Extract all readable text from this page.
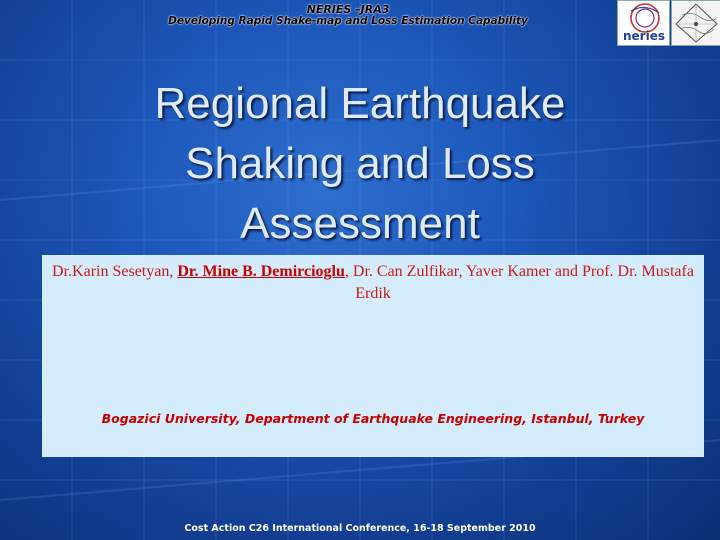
NERIES –JRA3
Developing Rapid Shake-map and Loss Estimation Capability
neries
Regional Earthquake
Shaking and Loss
Assessment
Dr.Karin Sesetyan, Dr. Mine B. Demircioglu, Dr. Can Zulfikar, Yaver Kamer and Prof. Dr. Mustafa Erdik
Bogazici University, Department of Earthquake Engineering, Istanbul, Turkey
Cost Action C26 International Conference, 16-18 September 2010
